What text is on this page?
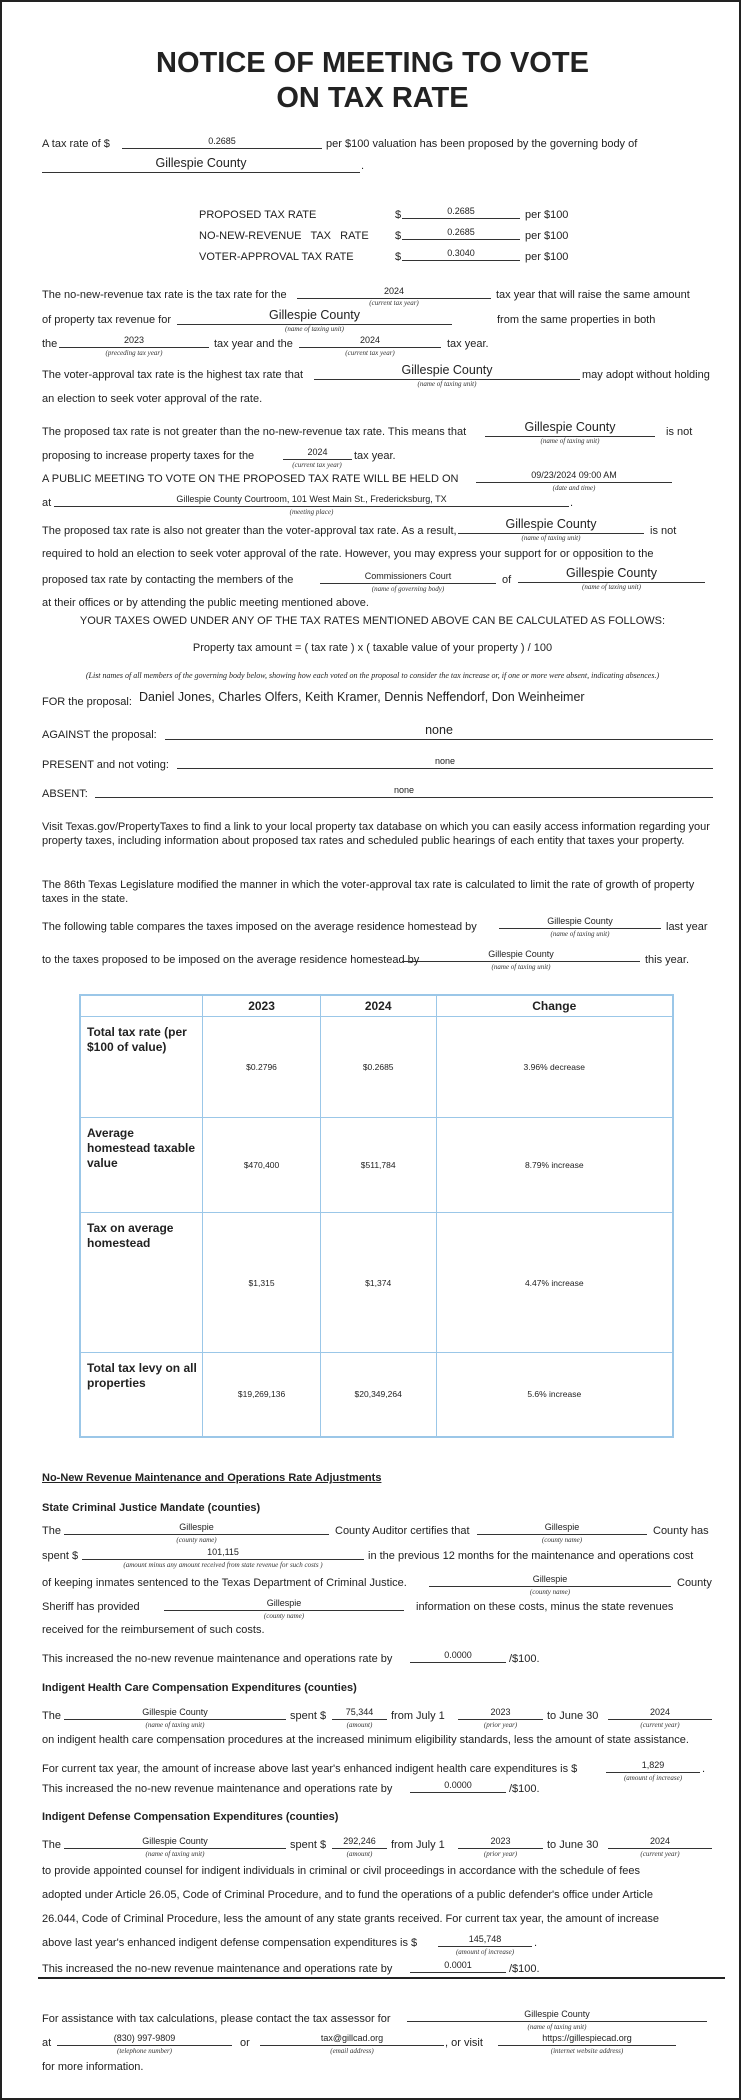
NOTICE OF MEETING TO VOTE
ON TAX RATE
A tax rate of $	0.2685	per $100 valuation has been proposed by the governing body of
Gillespie County	.
PROPOSED TAX RATE	$	0.2685	per $100
NO-NEW-REVENUE   TAX   RATE $	0.2685	per $100
VOTER-APPROVAL TAX RATE	$	0.3040	per $100
The no-new-revenue tax rate is the tax rate for the	2024
(current tax year)
tax year that will raise the same amount
of property tax revenue for	Gillespie County
(name of taxing unit)
from the same properties in both
the	2023
(preceding tax year)
tax year and the	2024
(current tax year)
tax year.
The voter-approval tax rate is the highest tax rate that	Gillespie County
(name of taxing unit)
may adopt without holding
an election to seek voter approval of the rate.
The proposed tax rate is not greater than the no-new-revenue tax rate. This means that	Gillespie County
(name of taxing unit)
is not
proposing to increase property taxes for the	2024
(current tax year)
tax year.
A PUBLIC MEETING TO VOTE ON THE PROPOSED TAX RATE WILL BE HELD ON	09/23/2024 09:00 AM
(date and time)
at	Gillespie County Courtroom, 101 West Main St., Fredericksburg, TX
(meeting place)
.
The proposed tax rate is also not greater than the voter-approval tax rate. As a result,	Gillespie County
(name of taxing unit)
is not
required to hold an election to seek voter approval of the rate. However, you may express your support for or opposition to the
proposed tax rate by contacting the members of the	Commissioners Court
(name of governing body)
of	Gillespie County
(name of taxing unit)
at their offices or by attending the public meeting mentioned above.
YOUR TAXES OWED UNDER ANY OF THE TAX RATES MENTIONED ABOVE CAN BE CALCULATED AS FOLLOWS:
Property tax amount = ( tax rate ) x ( taxable value of your property ) / 100
(List names of all members of the governing body below, showing how each voted on the proposal to consider the tax increase or, if one or more were absent, indicating absences.)
FOR the proposal: Daniel Jones, Charles Olfers, Keith Kramer, Dennis Neffendorf, Don Weinheimer
AGAINST the proposal:	none
PRESENT and not voting:	none
ABSENT:	none
Visit Texas.gov/PropertyTaxes to find a link to your local property tax database on which you can easily access information regarding your property taxes, including information about proposed tax rates and scheduled public hearings of each entity that taxes your property.
The 86th Texas Legislature modified the manner in which the voter-approval tax rate is calculated to limit the rate of growth of property taxes in the state.
The following table compares the taxes imposed on the average residence homestead by	Gillespie County
(name of taxing unit)
last year
to the taxes proposed to be imposed on the average residence homestead by	Gillespie County
(name of taxing unit)
this year.
	2023	2024	Change
Total tax rate (per $100 of value)	$0.2796	$0.2685	3.96% decrease
Average homestead taxable value	$470,400	$511,784	8.79% increase
Tax on average homestead	$1,315	$1,374	4.47% increase
Total tax levy on all properties	$19,269,136	$20,349,264	5.6% increase
No-New Revenue Maintenance and Operations Rate Adjustments
State Criminal Justice Mandate (counties)
The	Gillespie
(county name)
County Auditor certifies that	Gillespie
(county name)
County has
spent $	101,115
(amount minus any amount received from state revenue for such costs )
in the previous 12 months for the maintenance and operations cost
of keeping inmates sentenced to the Texas Department of Criminal Justice.	Gillespie
(county name)
County
Sheriff has provided	Gillespie
(county name)
information on these costs, minus the state revenues
received for the reimbursement of such costs.
This increased the no-new revenue maintenance and operations rate by	0.0000	/$100.
Indigent Health Care Compensation Expenditures (counties)
The	Gillespie County
(name of taxing unit)
spent $	75,344
(amount)
from July 1	2023
(prior year)
to June 30	2024
(current year)
on indigent health care compensation procedures at the increased minimum eligibility standards, less the amount of state assistance.
For current tax year, the amount of increase above last year's enhanced indigent health care expenditures is $	1,829
(amount of increase)
.
This increased the no-new revenue maintenance and operations rate by	0.0000	/$100.
Indigent Defense Compensation Expenditures (counties)
The	Gillespie County
(name of taxing unit)
spent $	292,246
(amount)
from July 1	2023
(prior year)
to June 30	2024
(current year)
to provide appointed counsel for indigent individuals in criminal or civil proceedings in accordance with the schedule of fees
adopted under Article 26.05, Code of Criminal Procedure, and to fund the operations of a public defender's office under Article
26.044, Code of Criminal Procedure, less the amount of any state grants received. For current tax year, the amount of increase
above last year's enhanced indigent defense compensation expenditures is $	145,748
(amount of increase)
.
This increased the no-new revenue maintenance and operations rate by	0.0001	/$100.
For assistance with tax calculations, please contact the tax assessor for	Gillespie County
(name of taxing unit)
at	(830) 997-9809
(telephone number)
or	tax@gillcad.org
(email address)
, or visit	https://gillespiecad.org
(internet website address)
for more information.
